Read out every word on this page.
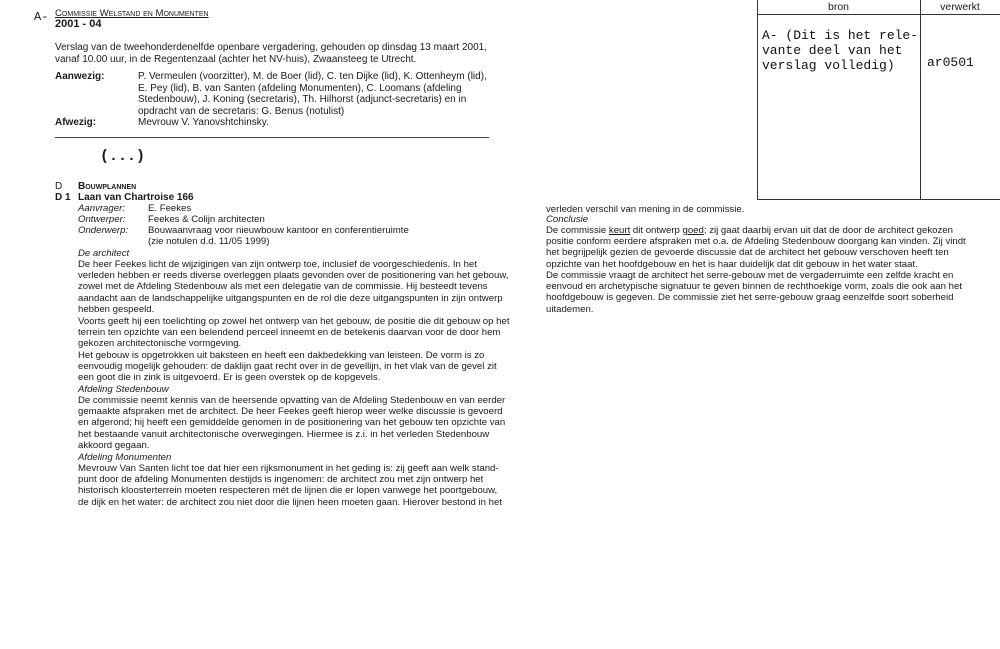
A- Commissie Welstand en Monumenten
2001 - 04
Verslag van de tweehonderdenelfde openbare vergadering, gehouden op dinsdag 13 maart 2001, vanaf 10.00 uur, in de Regentenzaal (achter het NV-huis), Zwaansteeg te Utrecht.
Aanwezig:	P. Vermeulen (voorzitter), M. de Boer (lid), C. ten Dijke (lid), K. Ottenheym (lid), E. Pey (lid), B. van Santen (afdeling Monumenten), C. Loomans (afdeling Stedenbouw), J. Koning (secretaris), Th. Hilhorst (adjunct-secretaris) en in opdracht van de secretaris: G. Benus (notulist)
Afwezig:	Mevrouw V. Yanovshtchinsky.
(...)
bron	verwerkt
A- (Dit is het rele-vante deel van het verslag volledig)	ar0501
D Bouwplannen
D 1 Laan van Chartroise 166
Aanvrager: E. Feekes
Ontwerper: Feekes & Colijn architecten
Onderwerp: Bouwaanvraag voor nieuwbouw kantoor en conferentieruimte
(zie notulen d.d. 11/05 1999)
De architect
De heer Feekes licht de wijzigingen van zijn ontwerp toe, inclusief de voorgeschiedenis. In het verleden hebben er reeds diverse overleggen plaats gevonden over de positionering van het gebouw, zowel met de Afdeling Stedenbouw als met een delegatie van de commissie. Hij besteedt tevens aandacht aan de landschappelijke uitgangspunten en de rol die deze uitgangspunten in zijn ontwerp hebben gespeeld.
Voorts geeft hij een toelichting op zowel het ontwerp van het gebouw, de positie die dit gebouw op het terrein ten opzichte van een belendend perceel inneemt en de betekenis daarvan voor de door hem gekozen architectonische vormgeving.
Het gebouw is opgetrokken uit baksteen en heeft een dakbedekking van leisteen. De vorm is zo eenvoudig mogelijk gehouden: de daklijn gaat recht over in de gevellijn, in het vlak van de gevel zit een goot die in zink is uitgevoerd. Er is geen overstek op de kopgevels.
Afdeling Stedenbouw
De commissie neemt kennis van de heersende opvatting van de Afdeling Stedenbouw en van eerder gemaakte afspraken met de architect. De heer Feekes geeft hierop weer welke discussie is gevoerd en afgerond; hij heeft een gemiddelde genomen in de positionering van het gebouw ten opzichte van het bestaande vanuit architectonische overwegingen. Hiermee is z.i. in het verleden Stedenbouw akkoord gegaan.
Afdeling Monumenten
Mevrouw Van Santen licht toe dat hier een rijksmonument in het geding is: zij geeft aan welk stand-punt door de afdeling Monumenten destijds is ingenomen: de architect zou met zijn ontwerp het historisch kloosterterrein moeten respecteren mét de lijnen die er lopen vanwege het poortgebouw, de dijk en het water: de architect zou niet door die lijnen heen moeten gaan. Hierover bestond in het
verleden verschil van mening in de commissie.
Conclusie
De commissie keurt dit ontwerp goed; zij gaat daarbij ervan uit dat de door de architect gekozen positie conform eerdere afspraken met o.a. de Afdeling Stedenbouw doorgang kan vinden. Zij vindt het begrijpelijk gezien de gevoerde discussie dat de architect het gebouw verschoven heeft ten opzichte van het hoofdgebouw en het is haar duidelijk dat dit gebouw in het water staat.
De commissie vraagt de architect het serre-gebouw met de vergaderruimte een zelfde kracht en eenvoud en archetypische signatuur te geven binnen de rechthoekige vorm, zoals die ook aan het hoofdgebouw is gegeven. De commissie ziet het serre-gebouw graag eenzelfde soort soberheid uitademen.
